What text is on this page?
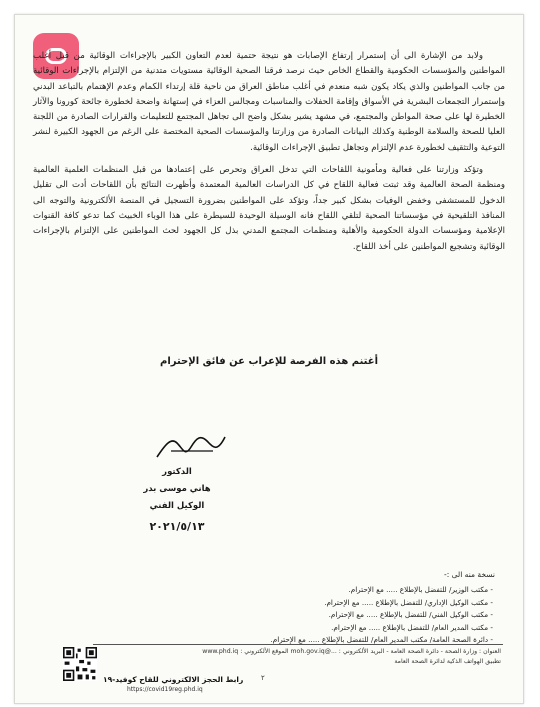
ولابد من الإشارة الى أن إستمرار إرتفاع الإصابات هو نتيجة حتمية لعدم التعاون الكبير بالإجراءات الوقائية من قبل أغلب المواطنين والمؤسسات الحكومية والقطاع الخاص حيث نرصد فرقنا الصحية الوقائية مستويات متدنية من الإلتزام بالإجراءات الوقائية من جانب المواطنين والذي يكاد يكون شبه منعدم في أغلب مناطق العراق من ناحية قلة إرتداء الكمام وعدم الإهتمام بالتباعد البدني وإستمرار التجمعات البشرية في الأسواق وإقامة الحفلات والمناسبات ومجالس العزاء في إستهانة واضحة لخطورة جائحة كورونا والآثار الخطيرة لها على صحة المواطن والمجتمع، في مشهد يشير بشكل واضح الى تجاهل المجتمع للتعليمات والقرارات الصادرة من اللجنة العليا للصحة والسلامة الوطنية وكذلك البيانات الصادرة من وزارتنا والمؤسسات الصحية المختصة على الرغم من الجهود الكبيرة لنشر التوعية والتثقيف لخطورة عدم الإلتزام وتجاهل تطبيق الإجراءات الوقائية.

وتؤكد وزارتنا على فعالية ومأمونية اللقاحات التي تدخل العراق وتحرص على إعتمادها من قبل المنظمات العلمية العالمية ومنظمة الصحة العالمية وقد ثبتت فعالية اللقاح في كل الدراسات العالمية المعتمدة وأظهرت النتائج بأن اللقاحات أدت الى تقليل الدخول للمستشفى وخفض الوفيات بشكل كبير جداً، وتؤكد على المواطنين بضرورة التسجيل في المنصة الألكترونية والتوجه الى المنافذ التلقيحية في مؤسساتنا الصحية لتلقي اللقاح فانه الوسيلة الوحيدة للسيطرة على هذا الوباء الخبيث كما تدعو كافة القنوات الإعلامية ومؤسسات الدولة الحكومية والأهلية ومنظمات المجتمع المدني بذل كل الجهود لحث المواطنين على الإلتزام بالإجراءات الوقائية وتشجيع المواطنين على أخذ اللقاح.

أغتنم هذه الفرصة للإعراب عن فائق الإحترام
الدكتور
هاني موسى بدر
الوكيل الفني
٢٠٢١/٥/١٣
نسخة منه الى :-
- مكتب الوزير/ للتفضل بالإطلاع ..... مع الإحترام.
- مكتب الوكيل الإداري/ للتفضل بالإطلاع ..... مع الإحترام.
- مكتب الوكيل الفني/ للتفضل بالإطلاع ..... مع الإحترام.
- مكتب المدير العام/ للتفضل بالإطلاع ..... مع الإحترام.
- دائرة الصحة العامة/ مكتب المدير العام/ للتفضل بالإطلاع ..... مع الإحترام.
العنوان : وزارة الصحة - دائرة الصحة العامة - البريد الألكتروني : ...@moh.gov.iq الموقع الألكتروني : www.phd.iq
تطبيق الهواتف الذكية لدائرة الصحة العامة
رابط الحجز الالكتروني للقاح كوفيد-١٩
https://covid19reg.phd.iq
٢
